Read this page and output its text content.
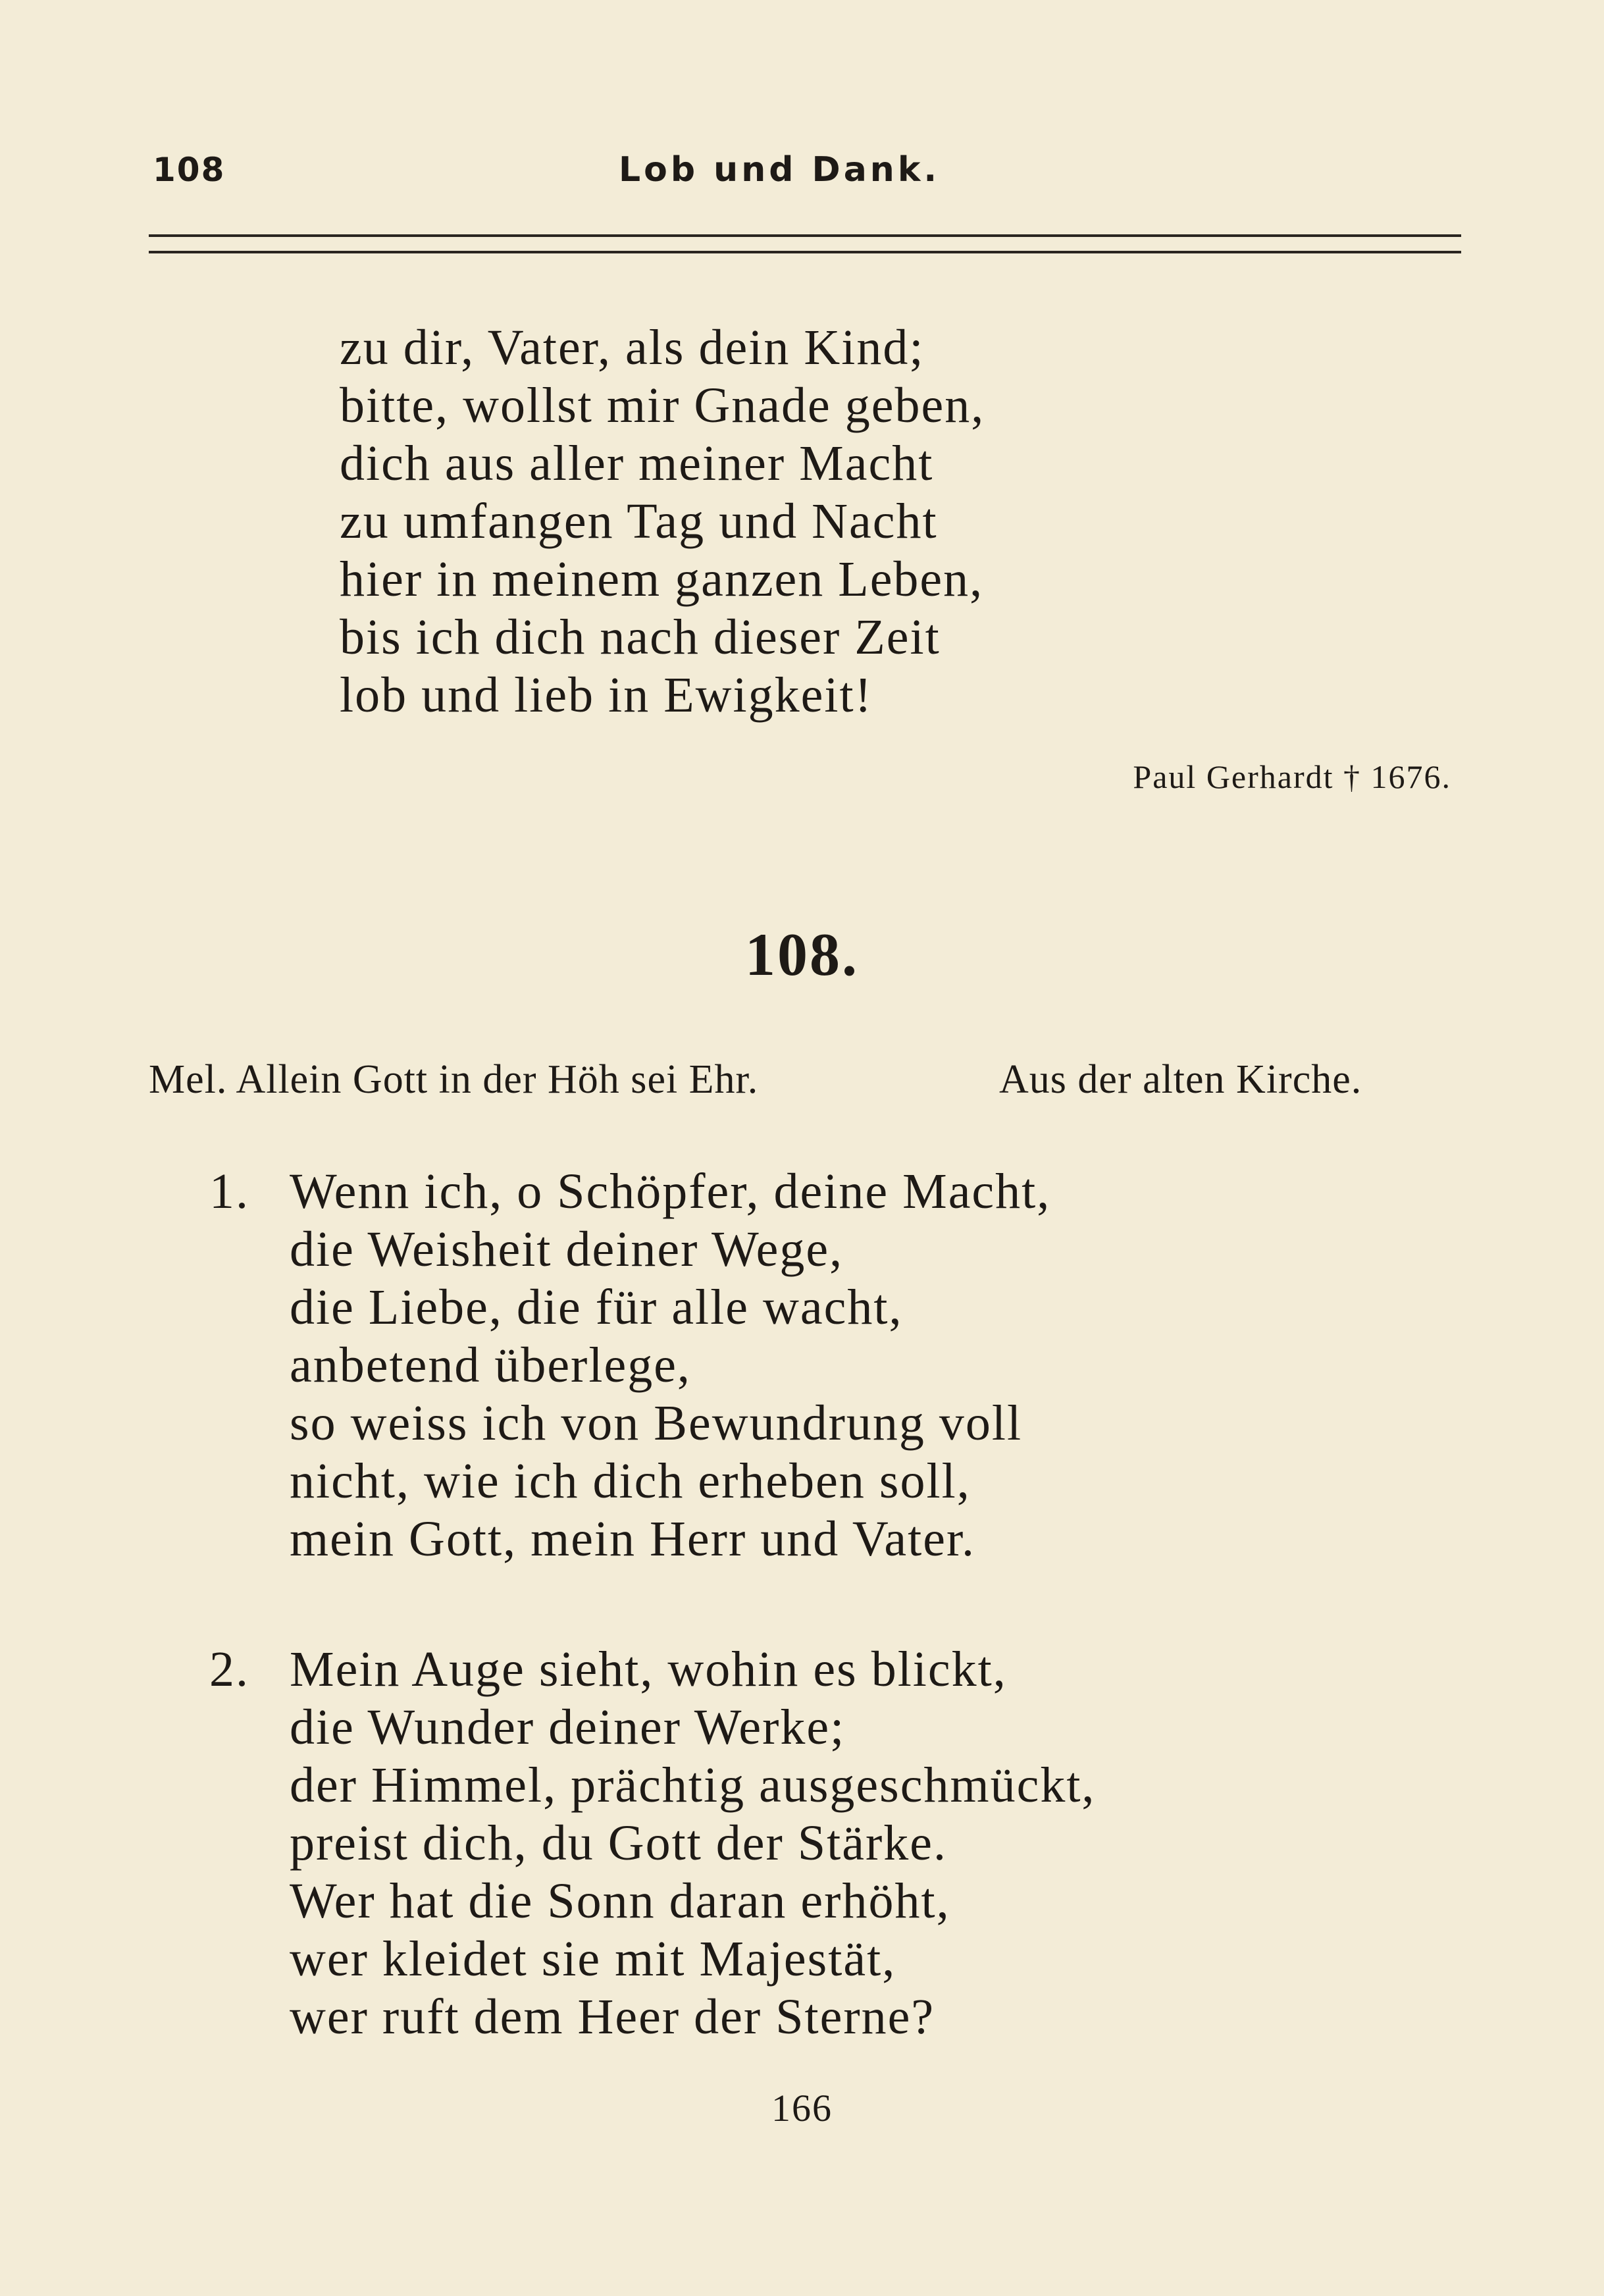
108	Lob und Dank.
zu dir, Vater, als dein Kind;
bitte, wollst mir Gnade geben,
dich aus aller meiner Macht
zu umfangen Tag und Nacht
hier in meinem ganzen Leben,
bis ich dich nach dieser Zeit
lob und lieb in Ewigkeit!
Paul Gerhardt † 1676.
108.
Mel. Allein Gott in der Höh sei Ehr.	Aus der alten Kirche.
1. Wenn ich, o Schöpfer, deine Macht,
die Weisheit deiner Wege,
die Liebe, die für alle wacht,
anbetend überlege,
so weiss ich von Bewundrung voll
nicht, wie ich dich erheben soll,
mein Gott, mein Herr und Vater.
2. Mein Auge sieht, wohin es blickt,
die Wunder deiner Werke;
der Himmel, prächtig ausgeschmückt,
preist dich, du Gott der Stärke.
Wer hat die Sonn daran erhöht,
wer kleidet sie mit Majestät,
wer ruft dem Heer der Sterne?
166
